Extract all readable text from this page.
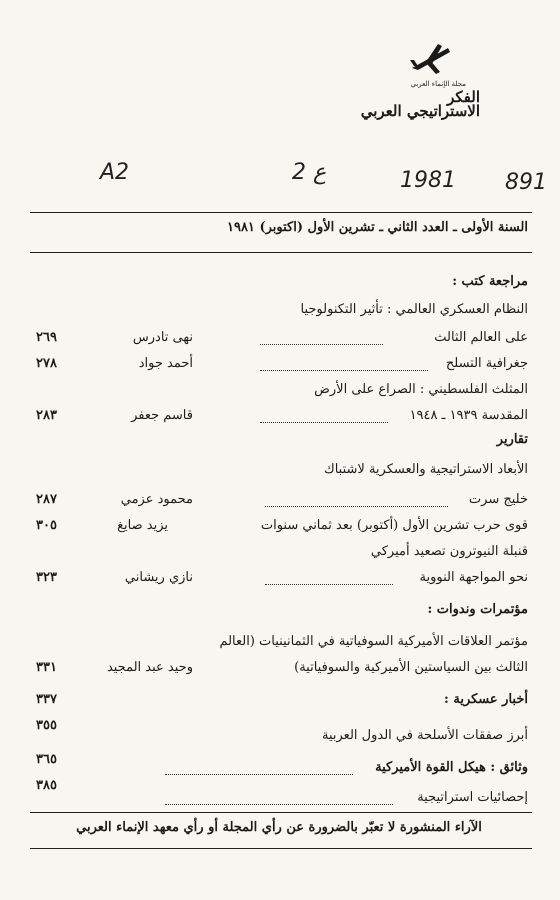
مجلة الإنماء العربي
الفكر
الاستراتيجي العربي
A2	2 ع	1981 891
السنة الأولى ـ العدد الثاني ـ تشرين الأول (اكتوبر) ١٩٨١
مراجعة كتب :
النظام العسكري العالمي : تأثير التكنولوجيا
على العالم الثالث
نهى تادرس
٢٦٩
جغرافية التسلح
أحمد جواد
٢٧٨
المثلث الفلسطيني : الصراع على الأرض
المقدسة ١٩٣٩ ـ ١٩٤٨
قاسم جعفر
٢٨٣
تقارير
الأبعاد الاستراتيجية والعسكرية لاشتباك
خليج سرت
محمود عزمي
٢٨٧
قوى حرب تشرين الأول (أكتوبر) بعد ثماني سنوات
يزيد صايغ
٣٠٥
قنبلة النيوترون تصعيد أميركي
نحو المواجهة النووية
نازي ريشاني
٣٢٣
مؤتمرات وندوات :
مؤتمر العلاقات الأميركية السوفياتية في الثمانينيات (العالم
الثالث بين السياستين الأميركية والسوفياتية)
وحيد عبد المجيد
٣٣١
أخبار عسكرية :
٣٣٧
أبرز صفقات الأسلحة في الدول العربية
٣٥٥
وثائق : هيكل القوة الأميركية
٣٦٥
إحصائيات استراتيجية
٣٨٥
الآراء المنشورة لا تعبّر بالضرورة عن رأي المجلة أو رأي معهد الإنماء العربي
